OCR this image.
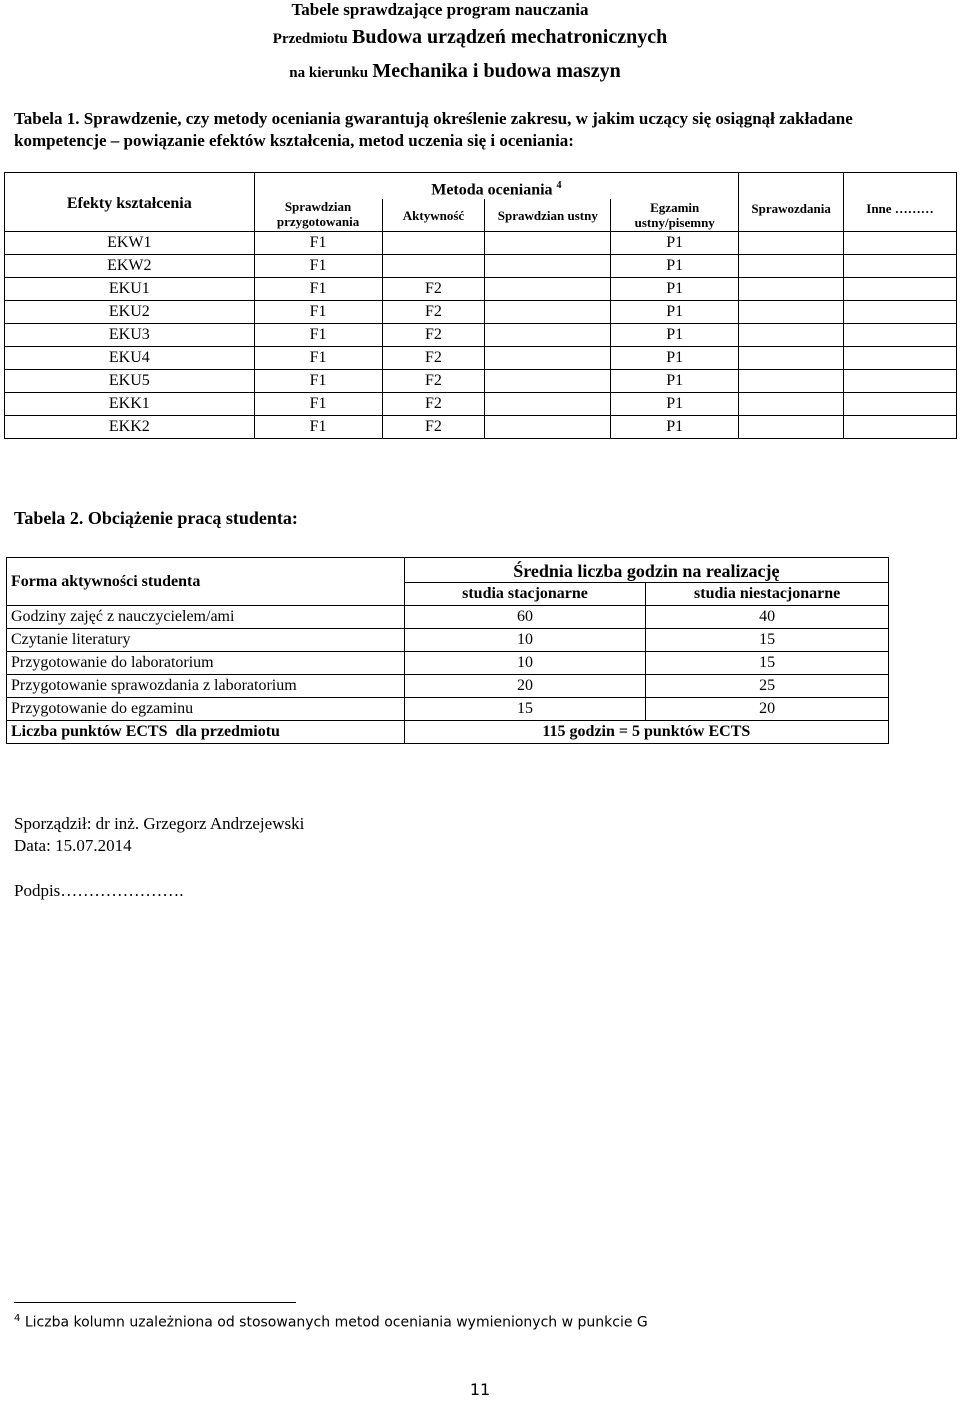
Tabele sprawdzające program nauczania
Przedmiotu Budowa urządzeń mechatronicznych
na kierunku Mechanika i budowa maszyn
Tabela 1. Sprawdzenie, czy metody oceniania gwarantują określenie zakresu, w jakim uczący się osiągnął zakładane kompetencje – powiązanie efektów kształcenia, metod uczenia się i oceniania:
Efekty kształcenia	Metoda oceniania $^4$				Sprawozdania	Inne ………
	Sprawdzian przygotowania	Aktywność	Sprawdzian ustny	Egzamin ustny/pisemny		
EKW1	F1			P1		
EKW2	F1			P1		
EKU1	F1	F2		P1		
EKU2	F1	F2		P1		
EKU3	F1	F2		P1		
EKU4	F1	F2		P1		
EKU5	F1	F2		P1		
EKK1	F1	F2		P1		
EKK2	F1	F2		P1		
Tabela 2. Obciążenie pracą studenta:
Forma aktywności studenta	Średnia liczba godzin na realizację	
	studia stacjonarne	studia niestacjonarne
Godziny zajęć z nauczycielem/ami	60	40
Czytanie literatury	10	15
Przygotowanie do laboratorium	10	15
Przygotowanie sprawozdania z laboratorium	20	25
Przygotowanie do egzaminu	15	20
Liczba punktów ECTS  dla przedmiotu	115 godzin = 5 punktów ECTS	
Sporządził: dr inż. Grzegorz Andrzejewski
Data: 15.07.2014
Podpis………………….
$^4$ Liczba kolumn uzależniona od stosowanych metod oceniania wymienionych w punkcie G
11
